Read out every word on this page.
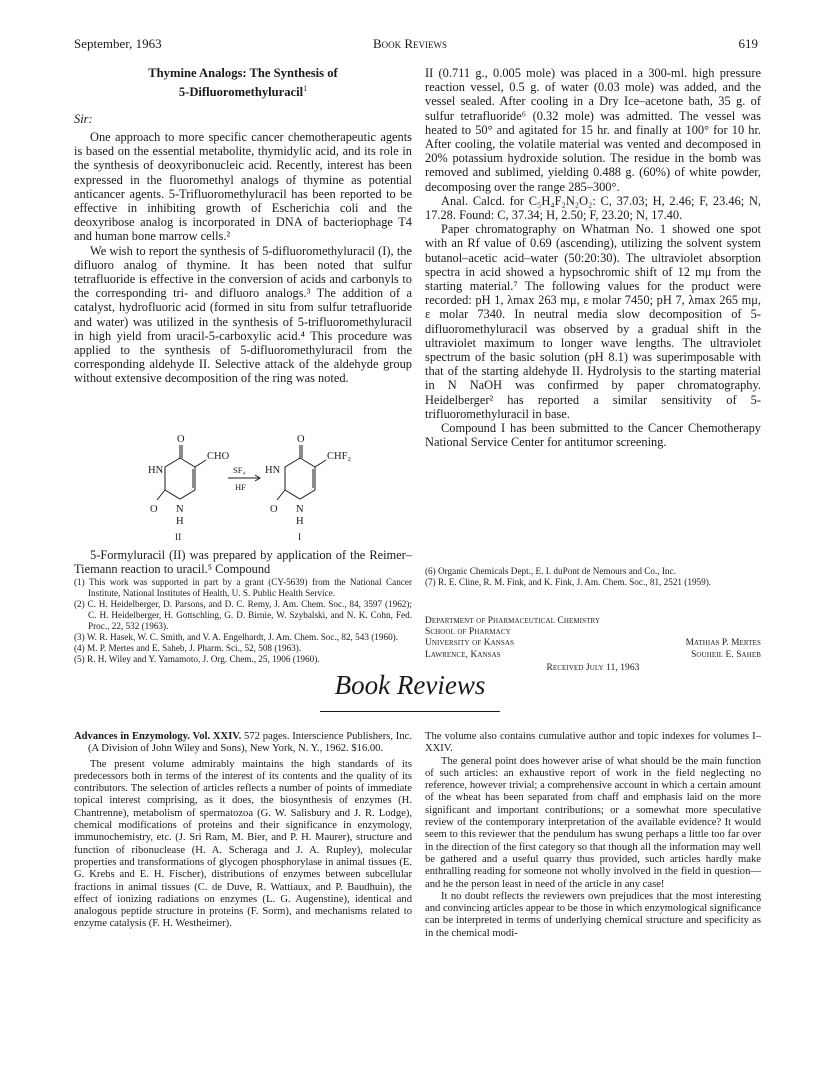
September, 1963	Book Reviews	619
Thymine Analogs: The Synthesis of
5-Difluoromethyluracil$^1$
Sir:

One approach to more specific cancer chemotherapeutic agents is based on the essential metabolite, thymidylic acid, and its role in the synthesis of deoxyribonucleic acid. Recently, interest has been expressed in the fluoromethyl analogs of thymine as potential anticancer agents. 5-Trifluoromethyluracil has been reported to be effective in inhibiting growth of Escherichia coli and the deoxyribose analog is incorporated in DNA of bacteriophage T4 and human bone marrow cells.²

We wish to report the synthesis of 5-difluoromethyluracil (I), the difluoro analog of thymine. It has been noted that sulfur tetrafluoride is effective in the conversion of acids and carbonyls to the corresponding tri- and difluoro analogs.³ The addition of a catalyst, hydrofluoric acid (formed in situ from sulfur tetrafluoride and water) was utilized in the synthesis of 5-trifluoromethyluracil in high yield from uracil-5-carboxylic acid.⁴ This procedure was applied to the synthesis of 5-difluoromethyluracil from the corresponding aldehyde II. Selective attack of the aldehyde group without extensive decomposition of the ring was noted.

O
HN
CHO
O N
H
II
SF₄
HF
O
HN
CHF₂
O N
H
I

5-Formyluracil (II) was prepared by application of the Reimer–Tiemann reaction to uracil.⁵ Compound

(1) This work was supported in part by a grant (CY-5639) from the National Cancer Institute, National Institutes of Health, U. S. Public Health Service.

(2) C. H. Heidelberger, D. Parsons, and D. C. Remy, J. Am. Chem. Soc., 84, 3597 (1962); C. H. Heidelberger, H. Gottschling, G. D. Birnie, W. Szybalski, and N. K. Cohn, Fed. Proc., 22, 532 (1963).

(3) W. R. Hasek, W. C. Smith, and V. A. Engelhardt, J. Am. Chem. Soc., 82, 543 (1960).

(4) M. P. Mertes and E. Saheb, J. Pharm. Sci., 52, 508 (1963).

(5) R. H. Wiley and Y. Yamamoto, J. Org. Chem., 25, 1906 (1960).

II (0.711 g., 0.005 mole) was placed in a 300-ml. high pressure reaction vessel, 0.5 g. of water (0.03 mole) was added, and the vessel sealed. After cooling in a Dry Ice–acetone bath, 35 g. of sulfur tetrafluoride⁶ (0.32 mole) was admitted. The vessel was heated to 50° and agitated for 15 hr. and finally at 100° for 10 hr. After cooling, the volatile material was vented and decomposed in 20% potassium hydroxide solution. The residue in the bomb was removed and sublimed, yielding 0.488 g. (60%) of white powder, decomposing over the range 285–300°.

Anal. Calcd. for C₅H₄F₂N₂O₂: C, 37.03; H, 2.46; F, 23.46; N, 17.28. Found: C, 37.34; H, 2.50; F, 23.20; N, 17.40.

Paper chromatography on Whatman No. 1 showed one spot with an Rf value of 0.69 (ascending), utilizing the solvent system butanol–acetic acid–water (50:20:30). The ultraviolet absorption spectra in acid showed a hypsochromic shift of 12 mμ from the starting material.⁷ The following values for the product were recorded: pH 1, λmax 263 mμ, ε molar 7450; pH 7, λmax 265 mμ, ε molar 7340. In neutral media slow decomposition of 5-difluoromethyluracil was observed by a gradual shift in the ultraviolet maximum to longer wave lengths. The ultraviolet spectrum of the basic solution (pH 8.1) was superimposable with that of the starting aldehyde II. Hydrolysis to the starting material in N NaOH was confirmed by paper chromatography. Heidelberger² has reported a similar sensitivity of 5-trifluoromethyluracil in base.

Compound I has been submitted to the Cancer Chemotherapy National Service Center for antitumor screening.

(6) Organic Chemicals Dept., E. I. duPont de Nemours and Co., Inc.

(7) R. E. Cline, R. M. Fink, and K. Fink, J. Am. Chem. Soc., 81, 2521 (1959).

Department of Pharmaceutical Chemistry
School of Pharmacy
University of Kansas	Mathias P. Mertes
Lawrence, Kansas	Souheil E. Saheb
Received July 11, 1963
Book Reviews

Advances in Enzymology. Vol. XXIV. 572 pages. Interscience Publishers, Inc. (A Division of John Wiley and Sons), New York, N. Y., 1962. $16.00.

The present volume admirably maintains the high standards of its predecessors both in terms of the interest of its contents and the quality of its contributors. The selection of articles reflects a number of points of immediate topical interest comprising, as it does, the biosynthesis of enzymes (H. Chantrenne), metabolism of spermatozoa (G. W. Salisbury and J. R. Lodge), chemical modifications of proteins and their significance in enzymology, immunochemistry, etc. (J. Sri Ram, M. Bier, and P. H. Maurer), structure and function of ribonuclease (H. A. Scheraga and J. A. Rupley), molecular properties and transformations of glycogen phosphorylase in animal tissues (E. G. Krebs and E. H. Fischer), distributions of enzymes between subcellular fractions in animal tissues (C. de Duve, R. Wattiaux, and P. Baudhuin), the effect of ionizing radiations on enzymes (L. G. Augenstine), identical and analogous peptide structure in proteins (F. Sorm), and mechanisms related to enzyme catalysis (F. H. Westheimer).

The volume also contains cumulative author and topic indexes for volumes I–XXIV.

The general point does however arise of what should be the main function of such articles: an exhaustive report of work in the field neglecting no reference, however trivial; a comprehensive account in which a certain amount of the wheat has been separated from chaff and emphasis laid on the more significant and important contributions; or a somewhat more speculative review of the contemporary interpretation of the available evidence? It would seem to this reviewer that the pendulum has swung perhaps a little too far over in the direction of the first category so that though all the information may well be gathered and a useful quarry thus provided, such articles hardly make enthralling reading for someone not wholly involved in the field in question—and he the person least in need of the article in any case!

It no doubt reflects the reviewers own prejudices that the most interesting and convincing articles appear to be those in which enzymological significance can be interpreted in terms of underlying chemical structure and specificity as in the chemical modi-
